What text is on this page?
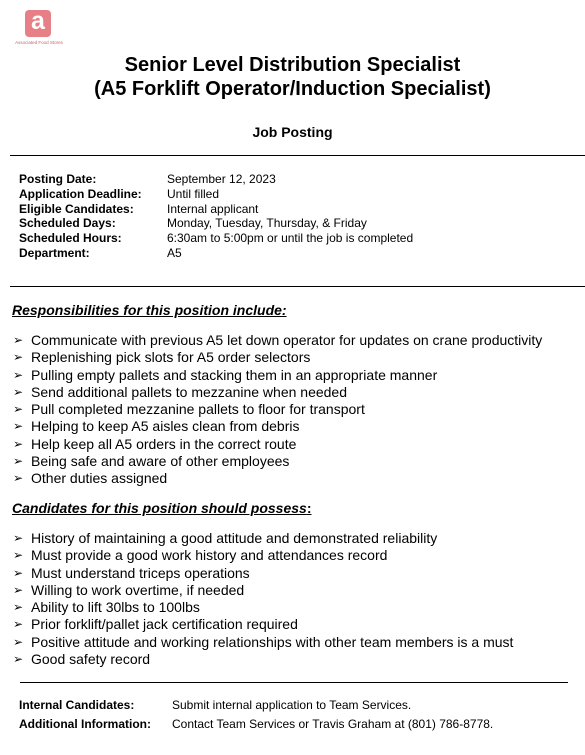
a
Associated Food Stores
Senior Level Distribution Specialist
(A5 Forklift Operator/Induction Specialist)
Job Posting
Posting Date:	September 12, 2023
Application Deadline:	Until filled
Eligible Candidates:	Internal applicant
Scheduled Days:	Monday, Tuesday, Thursday, & Friday
Scheduled Hours:	6:30am to 5:00pm or until the job is completed
Department:	A5
Responsibilities for this position include:
➢ Communicate with previous A5 let down operator for updates on crane productivity
➢ Replenishing pick slots for A5 order selectors
➢ Pulling empty pallets and stacking them in an appropriate manner
➢ Send additional pallets to mezzanine when needed
➢ Pull completed mezzanine pallets to floor for transport
➢ Helping to keep A5 aisles clean from debris
➢ Help keep all A5 orders in the correct route
➢ Being safe and aware of other employees
➢ Other duties assigned
Candidates for this position should possess:
➢ History of maintaining a good attitude and demonstrated reliability
➢ Must provide a good work history and attendances record
➢ Must understand triceps operations
➢ Willing to work overtime, if needed
➢ Ability to lift 30lbs to 100lbs
➢ Prior forklift/pallet jack certification required
➢ Positive attitude and working relationships with other team members is a must
➢ Good safety record
Internal Candidates:	Submit internal application to Team Services.
Additional Information:	Contact Team Services or Travis Graham at (801) 786-8778.
